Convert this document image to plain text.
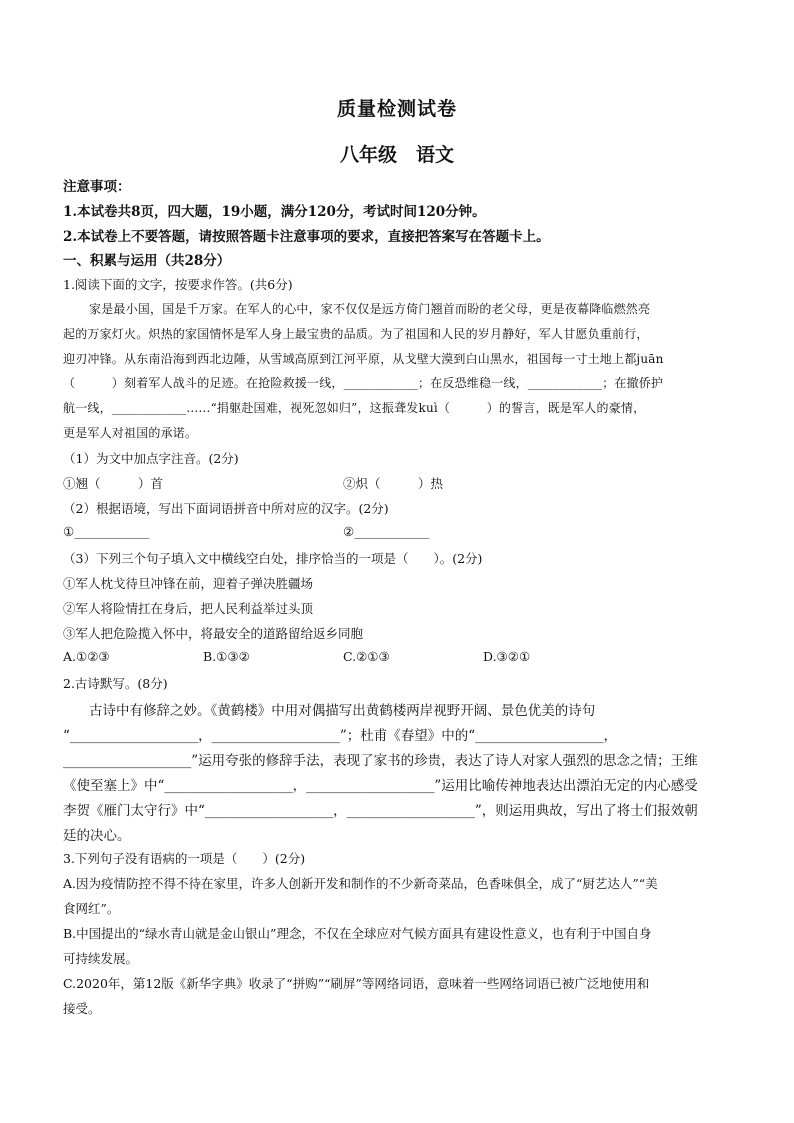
质量检测试卷
八年级　语文
注意事项：
1.本试卷共8页，四大题，19小题，满分120分，考试时间120分钟。
2.本试卷上不要答题，请按照答题卡注意事项的要求，直接把答案写在答题卡上。
一、积累与运用（共28分）
1.阅读下面的文字，按要求作答。(共6分)
家是最小国，国是千万家。在军人的心中，家不仅仅是远方倚门翘首而盼的老父母，更是夜幕降临燃然亮
起的万家灯火。炽热的家国情怀是军人身上最宝贵的品质。为了祖国和人民的岁月静好，军人甘愿负重前行，
迎刃冲锋。从东南沿海到西北边陲，从雪域高原到江河平原，从戈壁大漠到白山黑水，祖国每一寸土地上都juān
（　　　）刻着军人战斗的足迹。在抢险救援一线，____________；在反恐维稳一线，____________；在撤侨护
航一线，____________……“捐躯赴国难，视死忽如归”，这振聋发kuì（　　　）的誓言，既是军人的豪情，
更是军人对祖国的承诺。
（1）为文中加点字注音。(2分)
①翘（　　　）首	②炽（　　　）热
（2）根据语境，写出下面词语拼音中所对应的汉字。(2分)
①____________	②____________
（3）下列三个句子填入文中横线空白处，排序恰当的一项是（　　）。(2分)
①军人枕戈待旦冲锋在前，迎着子弹决胜疆场
②军人将险情扛在身后，把人民利益举过头顶
③军人把危险揽入怀中，将最安全的道路留给返乡同胞
A.①②③	B.①③②	C.②①③	D.③②①
2.古诗默写。(8分)
古诗中有修辞之妙。《黄鹤楼》中用对偶描写出黄鹤楼两岸视野开阔、景色优美的诗句
“___________________，___________________”；杜甫《春望》中的“___________________，
___________________”运用夸张的修辞手法，表现了家书的珍贵，表达了诗人对家人强烈的思念之情；王维
《使至塞上》中“___________________，___________________”运用比喻传神地表达出漂泊无定的内心感受
李贺《雁门太守行》中“___________________，___________________”，则运用典故，写出了将士们报效朝
廷的决心。
3.下列句子没有语病的一项是（　　）(2分)
A.因为疫情防控不得不待在家里，许多人创新开发和制作的不少新奇菜品，色香味俱全，成了“厨艺达人”“美
食网红”。
B.中国提出的“绿水青山就是金山银山”理念，不仅在全球应对气候方面具有建设性意义，也有利于中国自身
可持续发展。
C.2020年，第12版《新华字典》收录了“拼购”“刷屏”等网络词语，意味着一些网络词语已被广泛地使用和
接受。
